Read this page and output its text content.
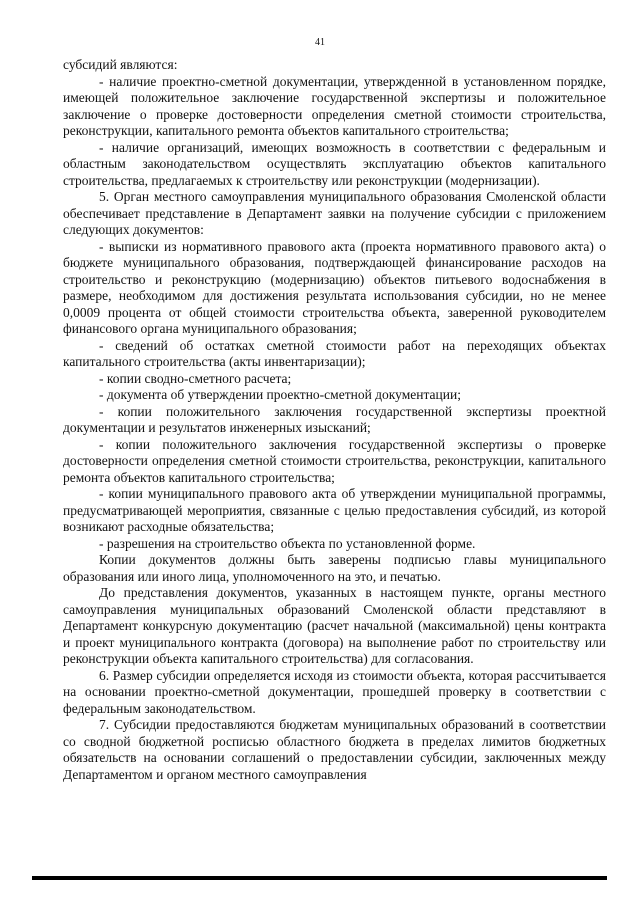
41

субсидий являются:

- наличие проектно-сметной документации, утвержденной в установленном порядке, имеющей положительное заключение государственной экспертизы и положительное заключение о проверке достоверности определения сметной стоимости строительства, реконструкции, капитального ремонта объектов капитального строительства;

- наличие организаций, имеющих возможность в соответствии с федеральным и областным законодательством осуществлять эксплуатацию объектов капитального строительства, предлагаемых к строительству или реконструкции (модернизации).

5. Орган местного самоуправления муниципального образования Смоленской области обеспечивает представление в Департамент заявки на получение субсидии с приложением следующих документов:

- выписки из нормативного правового акта (проекта нормативного правового акта) о бюджете муниципального образования, подтверждающей финансирование расходов на строительство и реконструкцию (модернизацию) объектов питьевого водоснабжения в размере, необходимом для достижения результата использования субсидии, но не менее 0,0009 процента от общей стоимости строительства объекта, заверенной руководителем финансового органа муниципального образования;

- сведений об остатках сметной стоимости работ на переходящих объектах капитального строительства (акты инвентаризации);

- копии сводно-сметного расчета;

- документа об утверждении проектно-сметной документации;

- копии положительного заключения государственной экспертизы проектной документации и результатов инженерных изысканий;

- копии положительного заключения государственной экспертизы о проверке достоверности определения сметной стоимости строительства, реконструкции, капитального ремонта объектов капитального строительства;

- копии муниципального правового акта об утверждении муниципальной программы, предусматривающей мероприятия, связанные с целью предоставления субсидий, из которой возникают расходные обязательства;

- разрешения на строительство объекта по установленной форме.

Копии документов должны быть заверены подписью главы муниципального образования или иного лица, уполномоченного на это, и печатью.

До представления документов, указанных в настоящем пункте, органы местного самоуправления муниципальных образований Смоленской области представляют в Департамент конкурсную документацию (расчет начальной (максимальной) цены контракта и проект муниципального контракта (договора) на выполнение работ по строительству или реконструкции объекта капитального строительства) для согласования.

6. Размер субсидии определяется исходя из стоимости объекта, которая рассчитывается на основании проектно-сметной документации, прошедшей проверку в соответствии с федеральным законодательством.

7. Субсидии предоставляются бюджетам муниципальных образований в соответствии со сводной бюджетной росписью областного бюджета в пределах лимитов бюджетных обязательств на основании соглашений о предоставлении субсидии, заключенных между Департаментом и органом местного самоуправления
